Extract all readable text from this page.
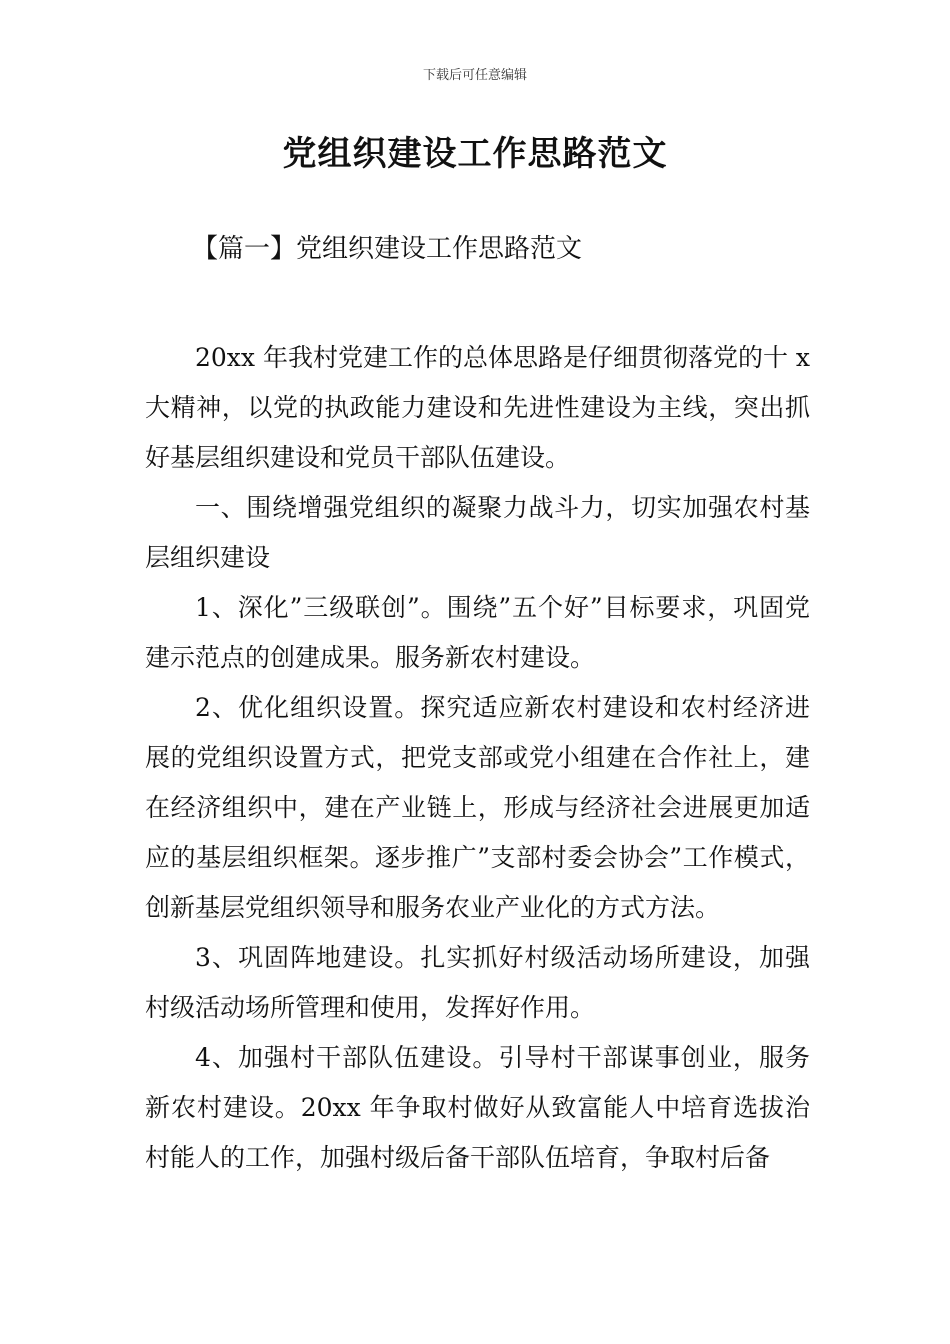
下载后可任意编辑
党组织建设工作思路范文
【篇一】党组织建设工作思路范文

20xx 年我村党建工作的总体思路是仔细贯彻落党的十 x 大精神，以党的执政能力建设和先进性建设为主线，突出抓好基层组织建设和党员干部队伍建设。

一、围绕增强党组织的凝聚力战斗力，切实加强农村基层组织建设

1、深化”三级联创”。围绕”五个好”目标要求，巩固党建示范点的创建成果。服务新农村建设。

2、优化组织设置。探究适应新农村建设和农村经济进展的党组织设置方式，把党支部或党小组建在合作社上，建在经济组织中，建在产业链上，形成与经济社会进展更加适应的基层组织框架。逐步推广”支部村委会协会”工作模式，创新基层党组织领导和服务农业产业化的方式方法。

3、巩固阵地建设。扎实抓好村级活动场所建设，加强村级活动场所管理和使用，发挥好作用。

4、加强村干部队伍建设。引导村干部谋事创业，服务新农村建设。20xx 年争取村做好从致富能人中培育选拔治村能人的工作，加强村级后备干部队伍培育，争取村后备
